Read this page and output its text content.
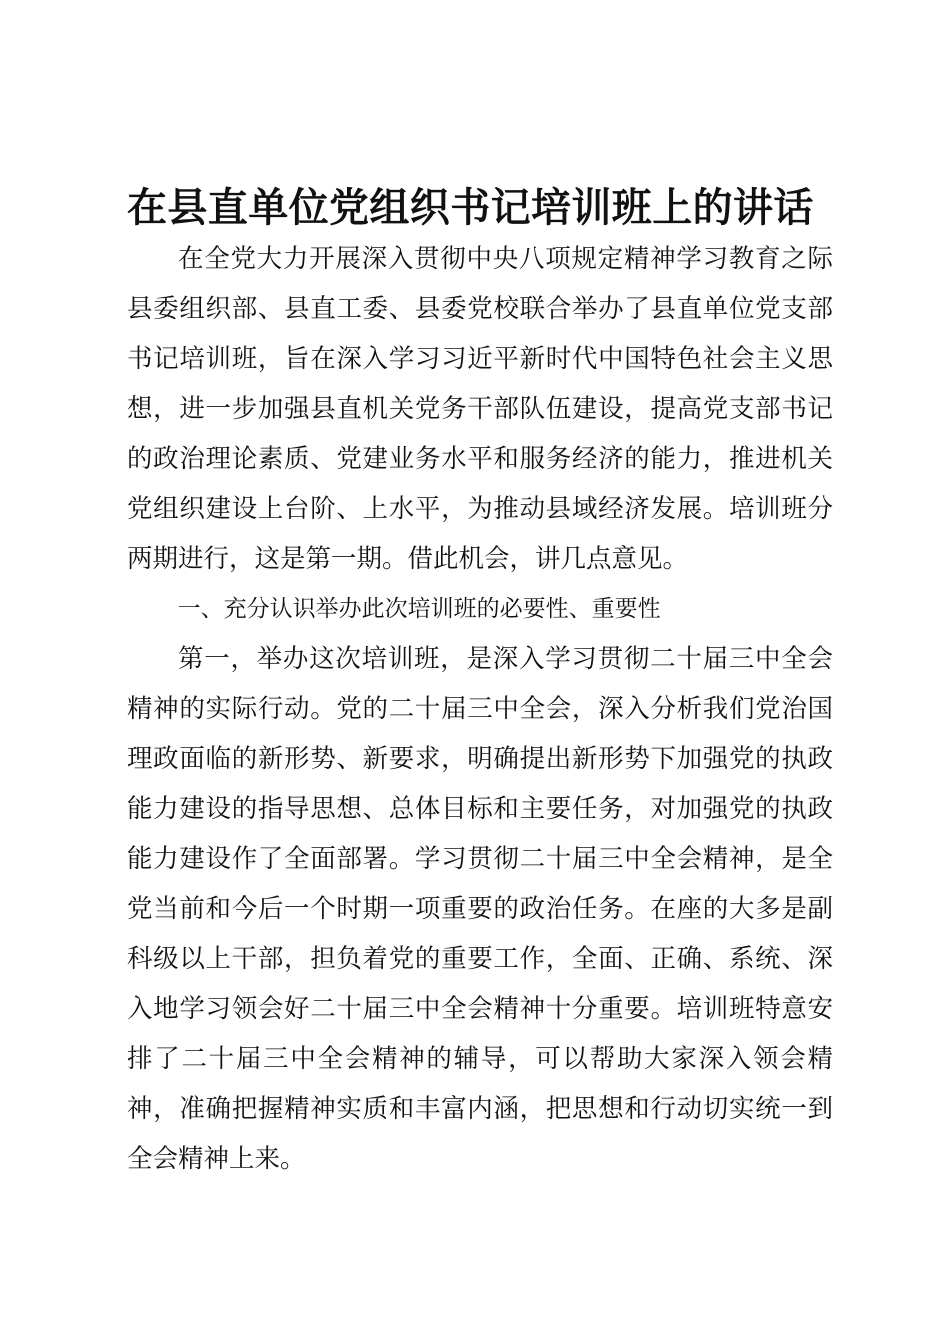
在县直单位党组织书记培训班上的讲话

在全党大力开展深入贯彻中央八项规定精神学习教育之际县委组织部、县直工委、县委党校联合举办了县直单位党支部书记培训班，旨在深入学习习近平新时代中国特色社会主义思想，进一步加强县直机关党务干部队伍建设，提高党支部书记的政治理论素质、党建业务水平和服务经济的能力，推进机关党组织建设上台阶、上水平，为推动县域经济发展。培训班分两期进行，这是第一期。借此机会，讲几点意见。

一、充分认识举办此次培训班的必要性、重要性

第一，举办这次培训班，是深入学习贯彻二十届三中全会精神的实际行动。党的二十届三中全会，深入分析我们党治国理政面临的新形势、新要求，明确提出新形势下加强党的执政能力建设的指导思想、总体目标和主要任务，对加强党的执政能力建设作了全面部署。学习贯彻二十届三中全会精神，是全党当前和今后一个时期一项重要的政治任务。在座的大多是副科级以上干部，担负着党的重要工作，全面、正确、系统、深入地学习领会好二十届三中全会精神十分重要。培训班特意安排了二十届三中全会精神的辅导，可以帮助大家深入领会精神，准确把握精神实质和丰富内涵，把思想和行动切实统一到全会精神上来。
